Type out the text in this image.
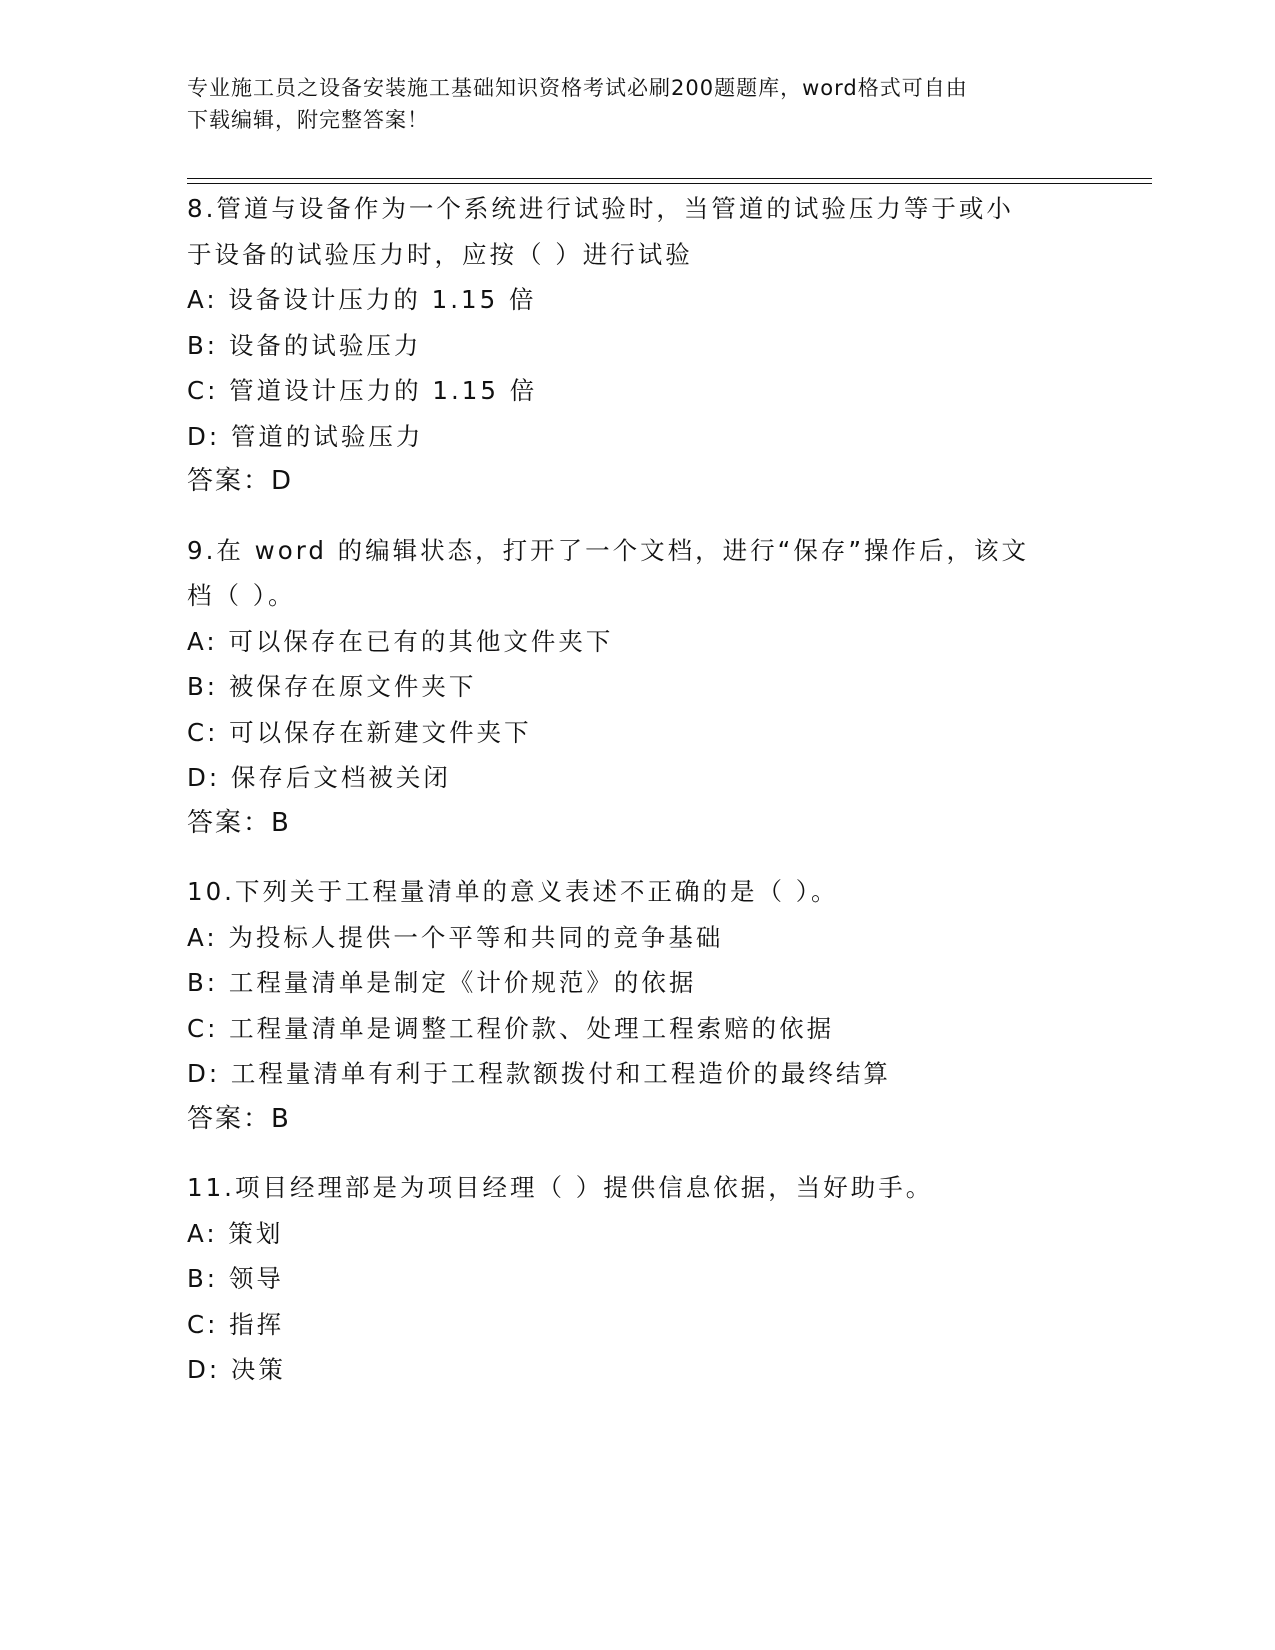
专业施工员之设备安装施工基础知识资格考试必刷200题题库，word格式可自由
下载编辑，附完整答案！
8.管道与设备作为一个系统进行试验时，当管道的试验压力等于或小
于设备的试验压力时，应按（ ）进行试验
A: 设备设计压力的 1.15 倍
B: 设备的试验压力
C: 管道设计压力的 1.15 倍
D: 管道的试验压力
答案：D
9.在 word 的编辑状态，打开了一个文档，进行“保存”操作后，该文
档（ ）。
A: 可以保存在已有的其他文件夹下
B: 被保存在原文件夹下
C: 可以保存在新建文件夹下
D: 保存后文档被关闭
答案：B
10.下列关于工程量清单的意义表述不正确的是（ ）。
A: 为投标人提供一个平等和共同的竞争基础
B: 工程量清单是制定《计价规范》的依据
C: 工程量清单是调整工程价款、处理工程索赔的依据
D: 工程量清单有利于工程款额拨付和工程造价的最终结算
答案：B
11.项目经理部是为项目经理（ ）提供信息依据，当好助手。
A: 策划
B: 领导
C: 指挥
D: 决策
